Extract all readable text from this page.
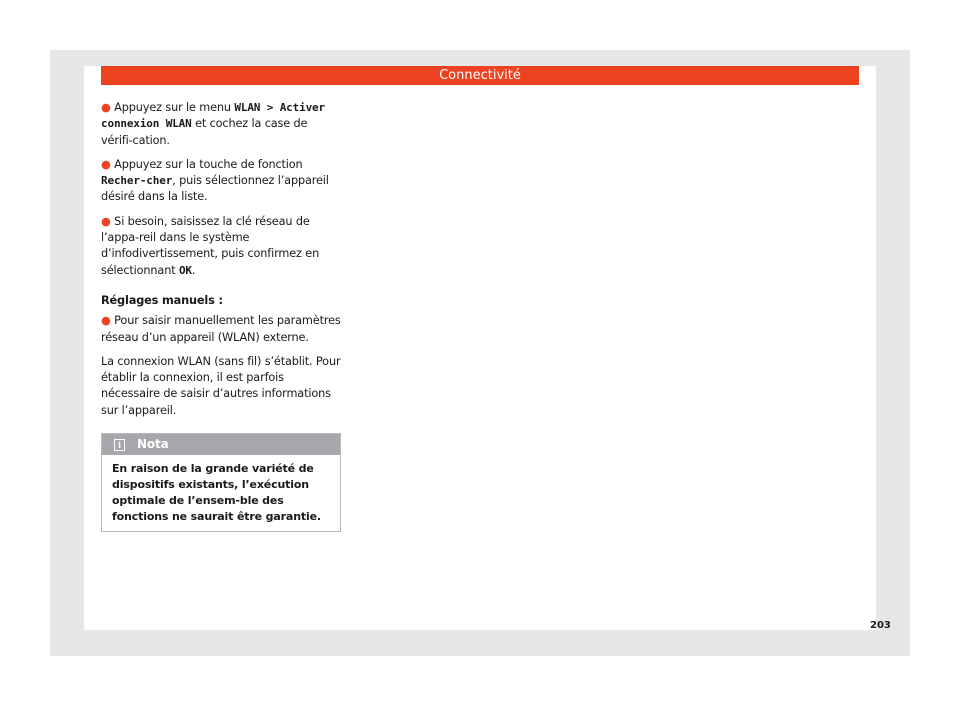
Connectivité

● Appuyez sur le menu WLAN > Activer connexion WLAN et cochez la case de vérifi-cation.

● Appuyez sur la touche de fonction Recher-cher, puis sélectionnez l’appareil désiré dans la liste.

● Si besoin, saisissez la clé réseau de l’appa-reil dans le système d’infodivertissement, puis confirmez en sélectionnant OK.

Réglages manuels :

● Pour saisir manuellement les paramètres réseau d’un appareil (WLAN) externe.

La connexion WLAN (sans fil) s’établit. Pour établir la connexion, il est parfois nécessaire de saisir d’autres informations sur l’appareil.

i	Nota
En raison de la grande variété de dispositifs existants, l’exécution optimale de l’ensem-ble des fonctions ne saurait être garantie.
203
